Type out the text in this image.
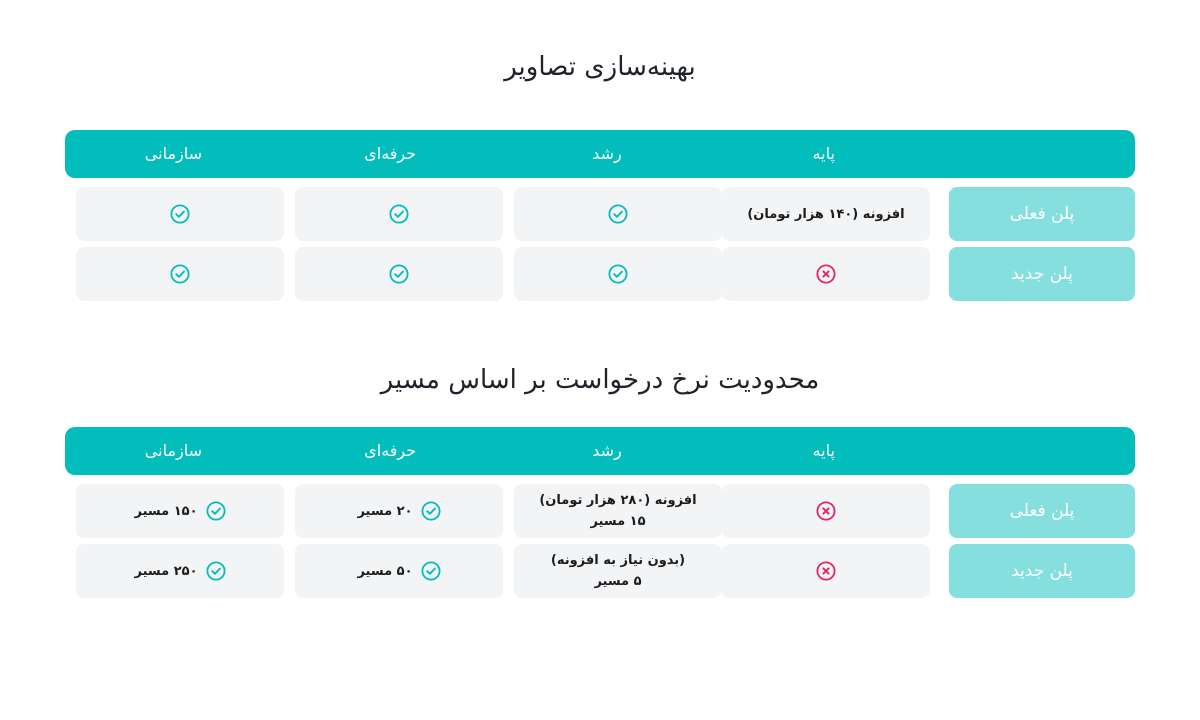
بهینه‌سازی تصاویر
پایه
رشد
حرفه‌ای
سازمانی
پلن فعلی
افزونه (۱۴۰ هزار تومان)
پلن جدید
محدودیت نرخ درخواست بر اساس مسیر
پایه
رشد
حرفه‌ای
سازمانی
پلن فعلی
افزونه (۲۸۰ هزار تومان)
۱۵ مسیر
۲۰ مسیر
۱۵۰ مسیر
پلن جدید
(بدون نیاز به افزونه)
۵ مسیر
۵۰ مسیر
۲۵۰ مسیر
